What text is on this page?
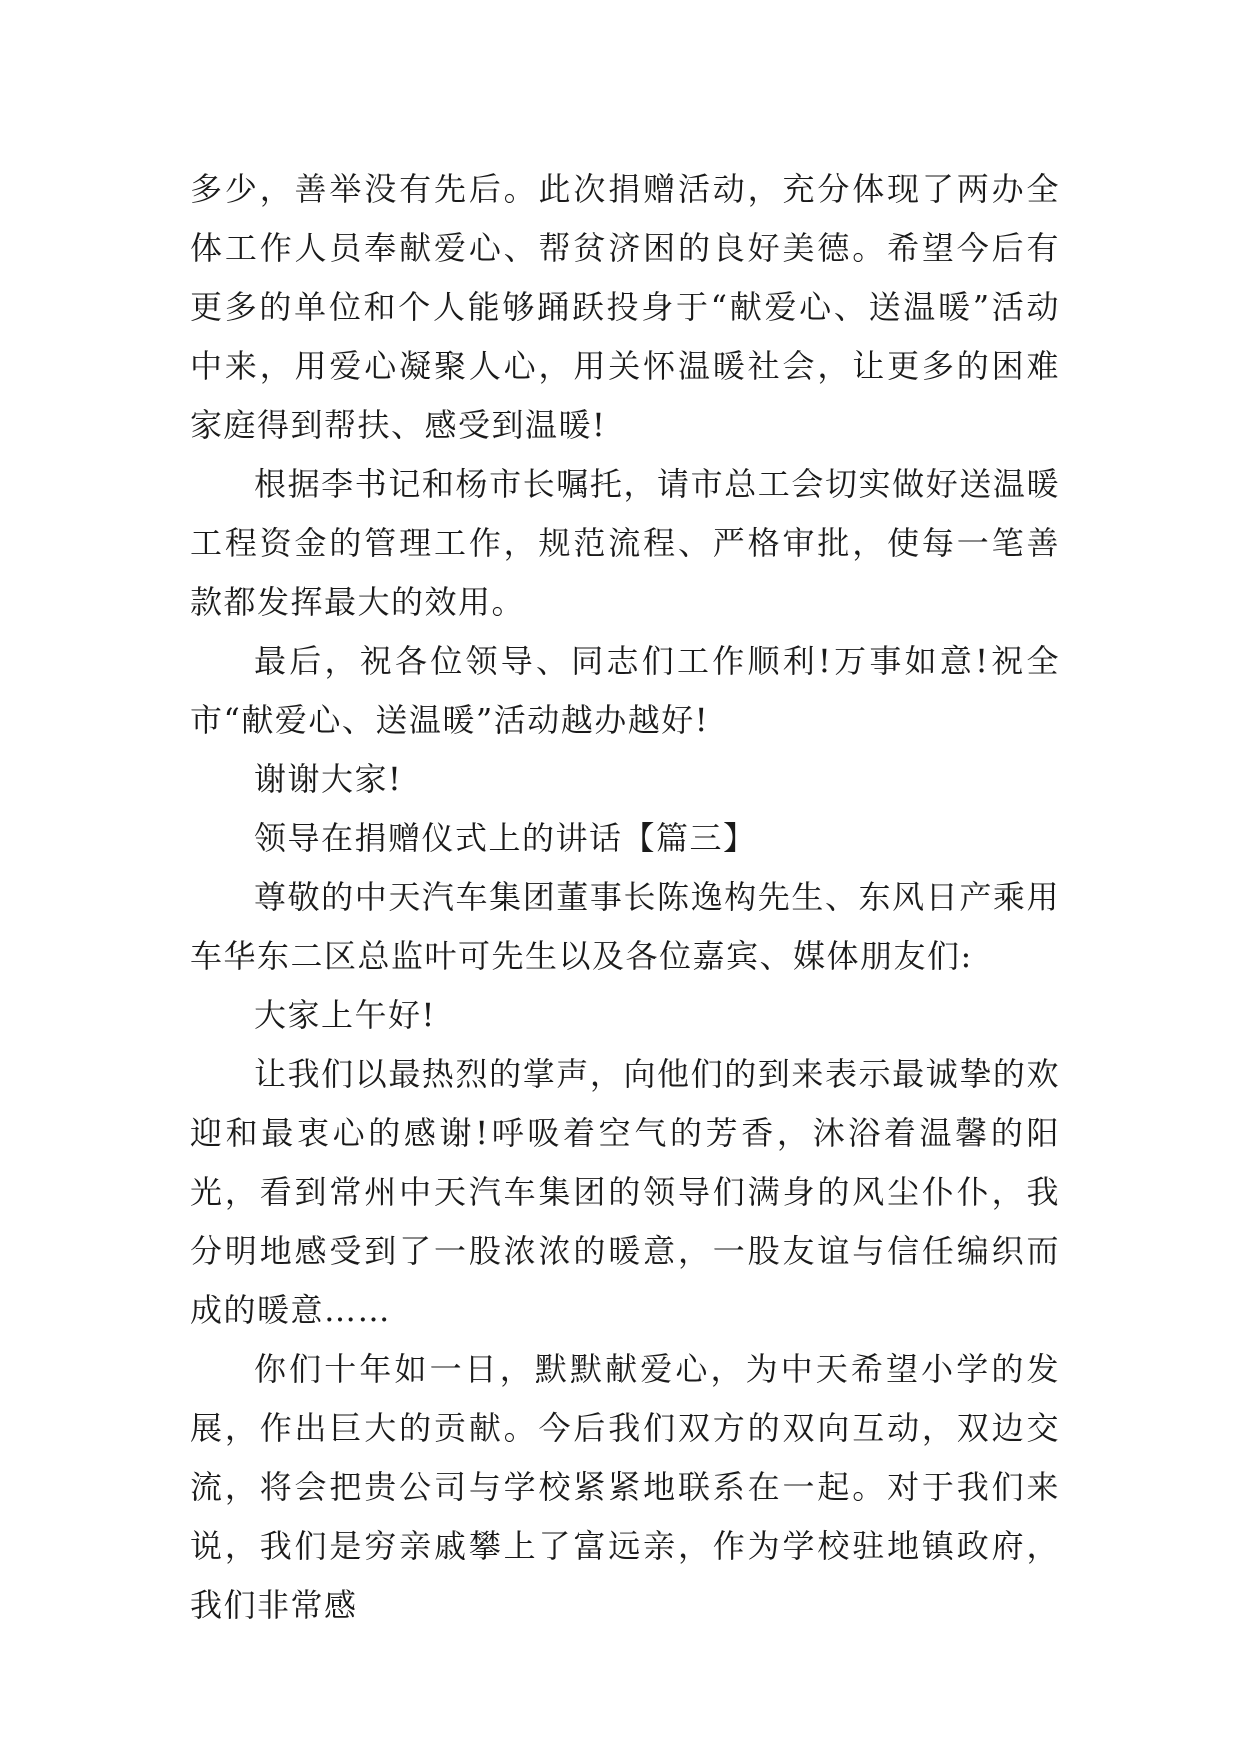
多少，善举没有先后。此次捐赠活动，充分体现了两办全体工作人员奉献爱心、帮贫济困的良好美德。希望今后有更多的单位和个人能够踊跃投身于“献爱心、送温暖”活动中来，用爱心凝聚人心，用关怀温暖社会，让更多的困难家庭得到帮扶、感受到温暖!

根据李书记和杨市长嘱托，请市总工会切实做好送温暖工程资金的管理工作，规范流程、严格审批，使每一笔善款都发挥最大的效用。

最后，祝各位领导、同志们工作顺利!万事如意!祝全市“献爱心、送温暖”活动越办越好!

谢谢大家!

领导在捐赠仪式上的讲话【篇三】

尊敬的中天汽车集团董事长陈逸构先生、东风日产乘用车华东二区总监叶可先生以及各位嘉宾、媒体朋友们:

大家上午好!

让我们以最热烈的掌声，向他们的到来表示最诚挚的欢迎和最衷心的感谢!呼吸着空气的芳香，沐浴着温馨的阳光，看到常州中天汽车集团的领导们满身的风尘仆仆，我分明地感受到了一股浓浓的暖意，一股友谊与信任编织而成的暖意……

你们十年如一日，默默献爱心，为中天希望小学的发展，作出巨大的贡献。今后我们双方的双向互动，双边交流，将会把贵公司与学校紧紧地联系在一起。对于我们来说，我们是穷亲戚攀上了富远亲，作为学校驻地镇政府，我们非常感
